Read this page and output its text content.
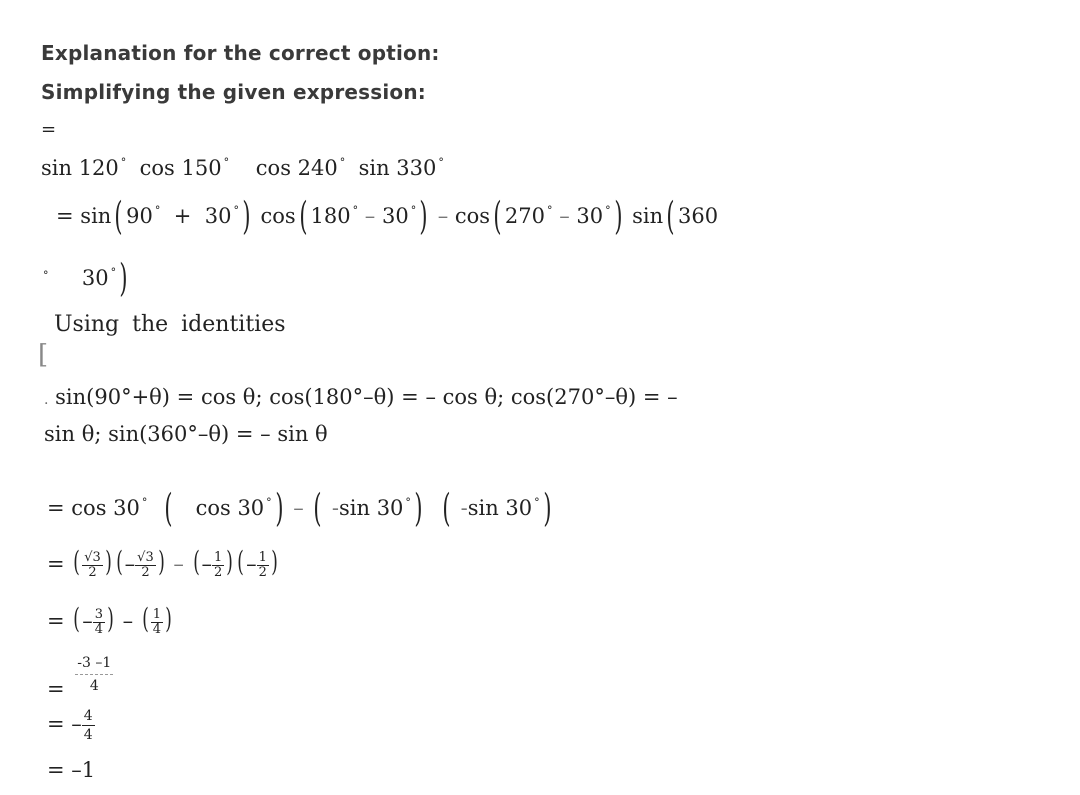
Explanation for the correct option:
Simplifying the given expression:
=
sin 120 ° cos 150 ° cos 240 ° sin 330 °
= sin( 90 ° + 30 °) cos( 180 ° – 30 °) – cos( 270 ° – 30 °) sin( 360
° 30 °)
Using the identities
[
. sin(90°+θ) = cos θ; cos(180°–θ) = – cos θ; cos(270°–θ) = –
sin θ; sin(360°–θ) = – sin θ
= cos 30 ° ( cos 30 °) – ( -sin 30 °) ( -sin 30 °)
= ( $\frac{√3}{2}$ ) ( – $\frac{√3}{2}$ ) – ( – $\frac{1}{2}$ ) ( – $\frac{1}{2}$ )
= ( – $\frac{3}{4}$ ) – ( $\frac{1}{4}$ )
= $\frac{-3 -1}{4}$
= – $\frac{4}{4}$
= –1
